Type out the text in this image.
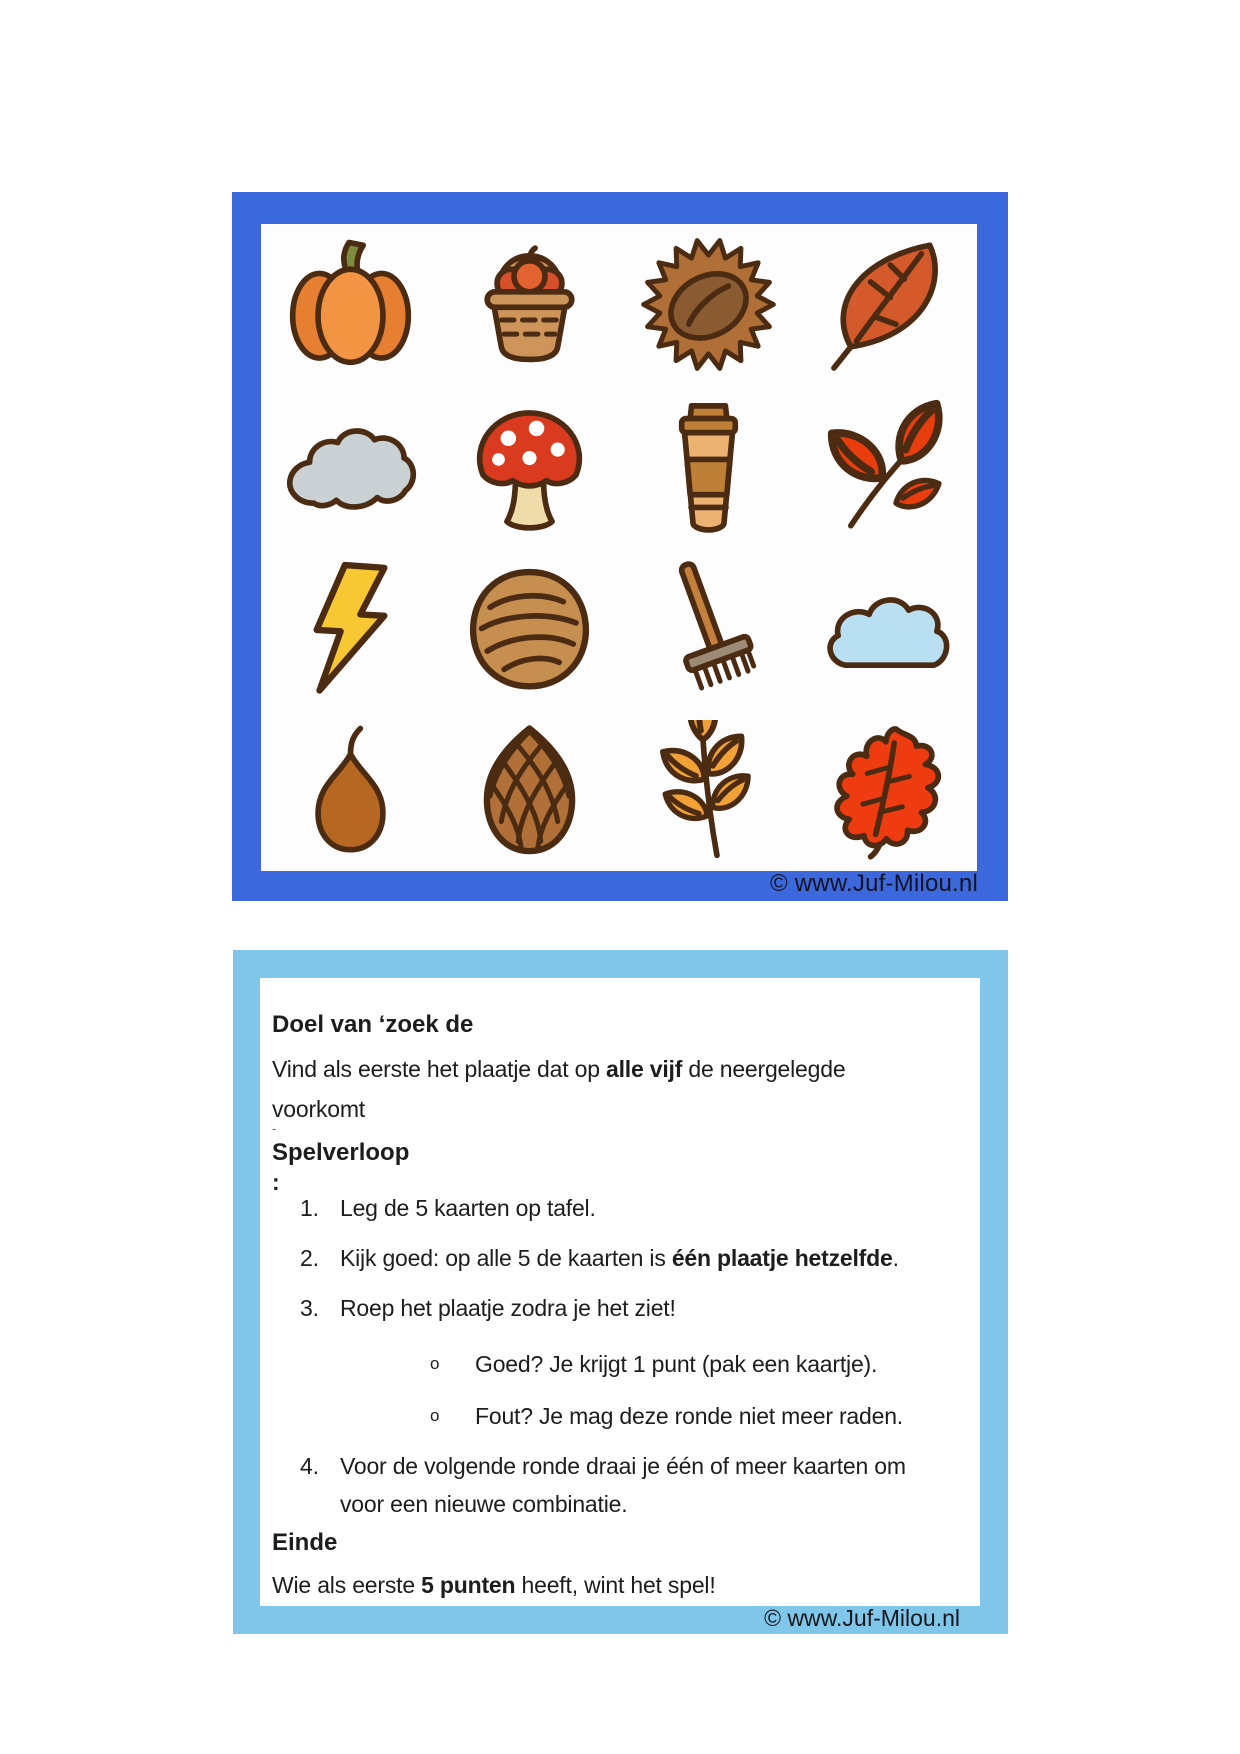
© www.Juf-Milou.nl
Doel van ‘zoek de

Vind als eerste het plaatje dat op alle vijf de neergelegde

voorkomt

-
Spelverloop
:
1. Leg de 5 kaarten op tafel.
2. Kijk goed: op alle 5 de kaarten is één plaatje hetzelfde.
3. Roep het plaatje zodra je het ziet!
o	Goed? Je krijgt 1 punt (pak een kaartje).
o	Fout? Je mag deze ronde niet meer raden.
4. Voor de volgende ronde draai je één of meer kaarten om
voor een nieuwe combinatie.
Einde

Wie als eerste 5 punten heeft, wint het spel!

© www.Juf-Milou.nl
